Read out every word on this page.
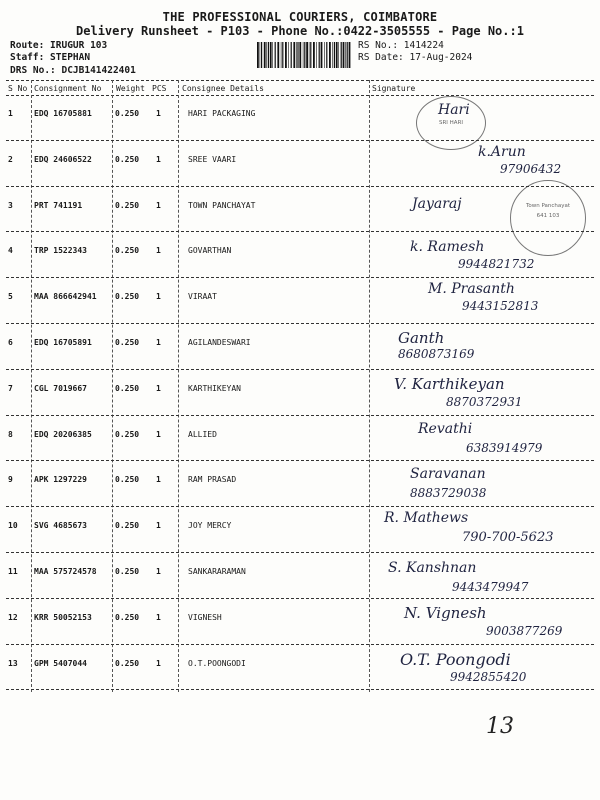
THE PROFESSIONAL COURIERS, COIMBATORE
Delivery Runsheet - P103 - Phone No.:0422-3505555 - Page No.:1
Route: IRUGUR 103
Staff: STEPHAN
DRS No.: DCJB141422401
RS No.: 1414224
RS Date: 17-Aug-2024
S No Consignment No Weight PCS Consignee Details	Signature
1	EDQ 16705881	0.250 1	HARI PACKAGING	Hari
2	EDQ 24606522	0.250 1	SREE VAARI	k.Arun
97906432
3	PRT 741191	0.250 1	TOWN PANCHAYAT	Jayaraj
4	TRP 1522343	0.250 1	GOVARTHAN	k. Ramesh
9944821732
5	MAA 866642941 0.250 1	VIRAAT	M. Prasanth
9443152813
6	EDQ 16705891	0.250 1	AGILANDESWARI	Ganth
8680873169
7	CGL 7019667	0.250 1	KARTHIKEYAN	V. Karthikeyan
8870372931
8	EDQ 20206385	0.250 1	ALLIED	Revathi
6383914979
9	APK 1297229	0.250 1	RAM PRASAD	Saravanan
8883729038
10 SVG 4685673	0.250 1	JOY MERCY	R. Mathews
790-700-5623
11 MAA 575724578 0.250 1	SANKARARAMAN	S. Kanshnan
9443479947
12 KRR 50052153	0.250 1	VIGNESH	N. Vignesh
9003877269
13 GPM 5407044	0.250 1	O.T.POONGODI	O.T. Poongodi
9942855420
SRI HARI
Town Panchayat
641 103
13
